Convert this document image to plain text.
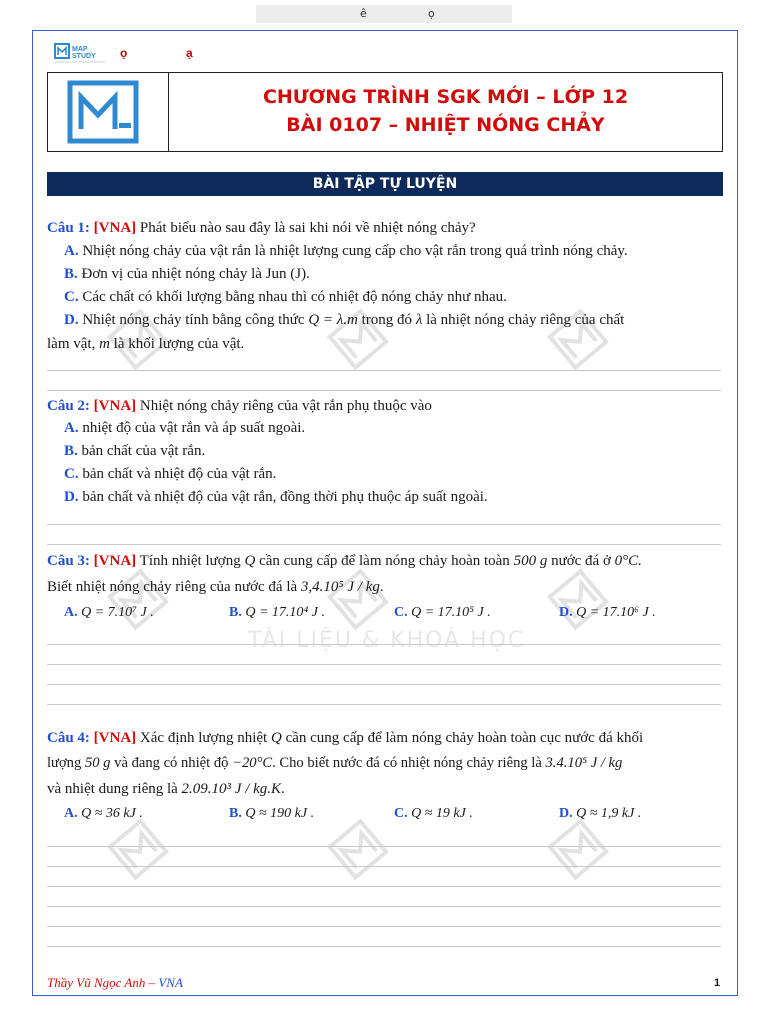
ê	ọ
MAP
STUDY ọ	ạ
CHƯƠNG TRÌNH SGK MỚI – LỚP 12
BÀI 0107 – NHIỆT NÓNG CHẢY
BÀI TẬP TỰ LUYỆN
TÀI LIỆU & KHOÁ HỌC
Câu 1: [VNA] Phát biểu nào sau đây là sai khi nói về nhiệt nóng chảy?
A. Nhiệt nóng chảy của vật rắn là nhiệt lượng cung cấp cho vật rắn trong quá trình nóng chảy.
B. Đơn vị của nhiệt nóng chảy là Jun (J).
C. Các chất có khối lượng bằng nhau thì có nhiệt độ nóng chảy như nhau.
D. Nhiệt nóng chảy tính bằng công thức Q = λ.m trong đó λ là nhiệt nóng chảy riêng của chất
làm vật, m là khối lượng của vật.
Câu 2: [VNA] Nhiệt nóng chảy riêng của vật rắn phụ thuộc vào
A. nhiệt độ của vật rắn và áp suất ngoài.
B. bản chất của vật rắn.
C. bản chất và nhiệt độ của vật rắn.
D. bản chất và nhiệt độ của vật rắn, đồng thời phụ thuộc áp suất ngoài.
Câu 3: [VNA] Tính nhiệt lượng Q cần cung cấp để làm nóng chảy hoàn toàn 500 g nước đá ở 0°C.
Biết nhiệt nóng chảy riêng của nước đá là 3,4.10⁵ J / kg.
A. Q = 7.10⁷ J .	B. Q = 17.10⁴ J .	C. Q = 17.10⁵ J .	D. Q = 17.10⁶ J .
Câu 4: [VNA] Xác định lượng nhiệt Q cần cung cấp để làm nóng chảy hoàn toàn cục nước đá khối
lượng 50 g và đang có nhiệt độ −20°C. Cho biết nước đá có nhiệt nóng chảy riêng là 3.4.10⁵ J / kg
và nhiệt dung riêng là 2.09.10³ J / kg.K.
A. Q ≈ 36 kJ .	B. Q ≈ 190 kJ .	C. Q ≈ 19 kJ .	D. Q ≈ 1,9 kJ .
Thầy Vũ Ngọc Anh – VNA	1
